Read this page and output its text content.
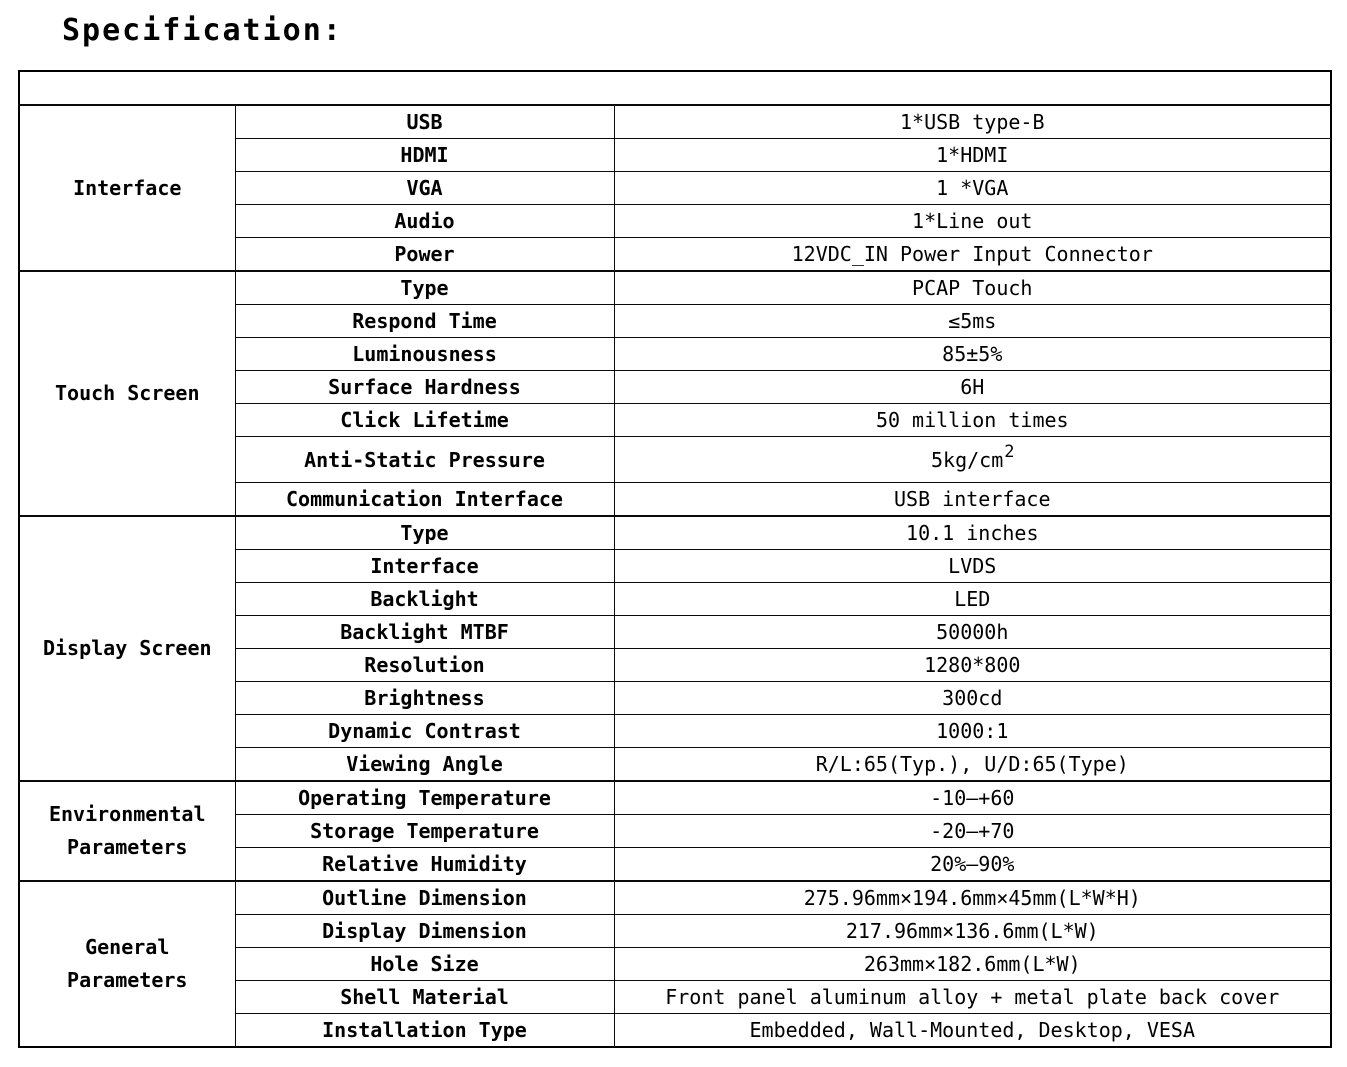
Specification:

Interface	USB	1*USB type-B
	HDMI	1*HDMI
	VGA	1 *VGA
	Audio	1*Line out
	Power	12VDC_IN Power Input Connector
Touch Screen	Type	PCAP Touch
	Respond Time	≤5ms
	Luminousness	85±5%
	Surface Hardness	6H
	Click Lifetime	50 million times
	Anti-Static Pressure	$5kg/cm^2$
	Communication Interface	USB interface
Display Screen	Type	10.1 inches
	Interface	LVDS
	Backlight	LED
	Backlight MTBF	50000h
	Resolution	1280*800
	Brightness	300cd
	Dynamic Contrast	1000:1
	Viewing Angle	R/L:65(Typ.), U/D:65(Type)
Environmental Parameters	Operating Temperature	-10—+60
	Storage Temperature	-20—+70
	Relative Humidity	20%—90%
General Parameters	Outline Dimension	275.96mm×194.6mm×45mm(L*W*H)
	Display Dimension	217.96mm×136.6mm(L*W)
	Hole Size	263mm×182.6mm(L*W)
	Shell Material	Front panel aluminum alloy + metal plate back cover
	Installation Type	Embedded, Wall-Mounted, Desktop, VESA
